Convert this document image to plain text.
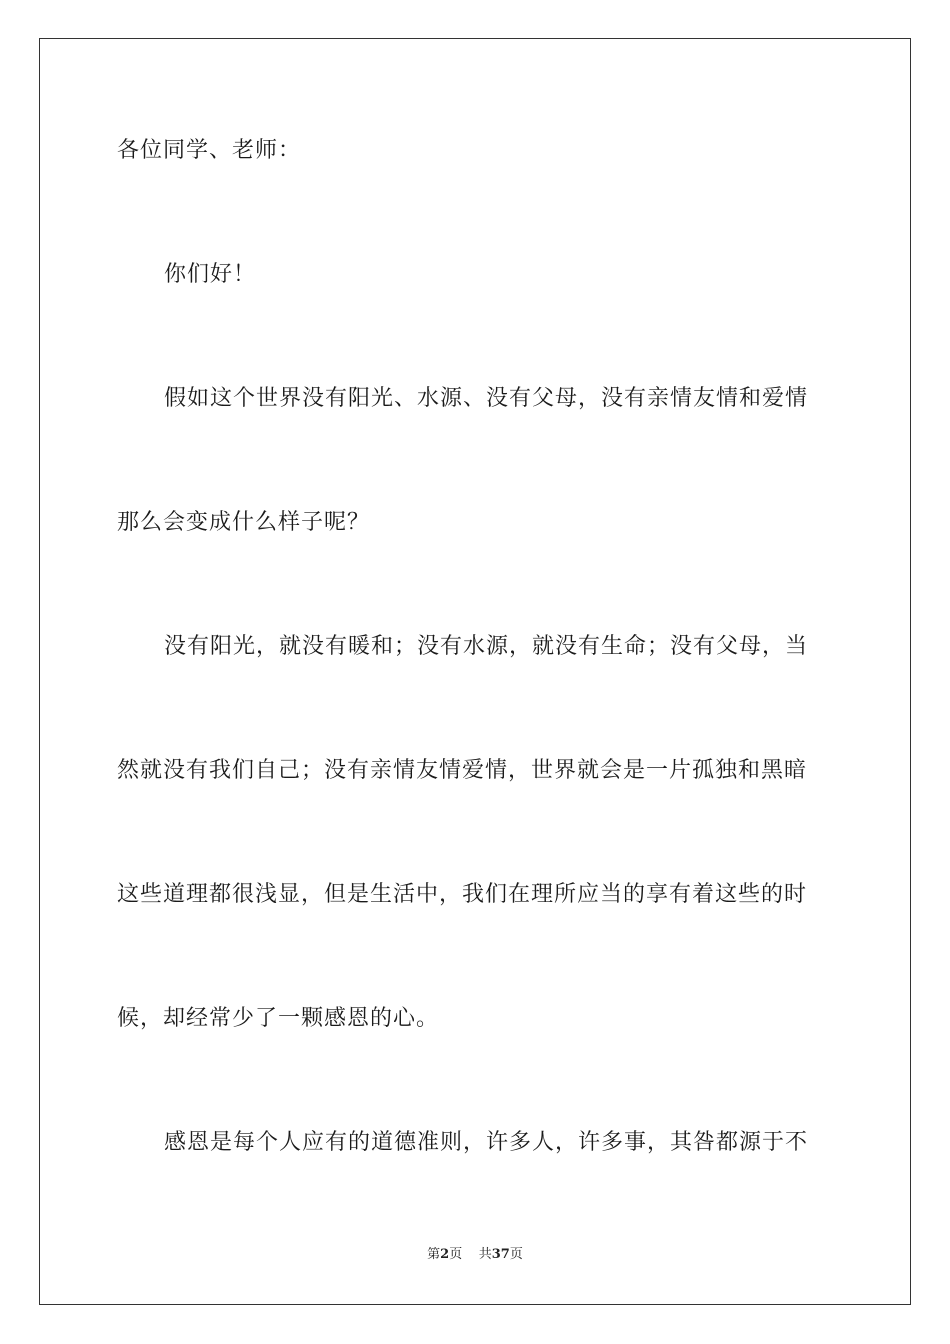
各位同学、老师：
你们好！
假如这个世界没有阳光、水源、没有父母，没有亲情友情和爱情
那么会变成什么样子呢？
没有阳光，就没有暖和；没有水源，就没有生命；没有父母，当
然就没有我们自己；没有亲情友情爱情，世界就会是一片孤独和黑暗
这些道理都很浅显，但是生活中，我们在理所应当的享有着这些的时
候，却经常少了一颗感恩的心。
感恩是每个人应有的道德准则，许多人，许多事，其咎都源于不
第2页 共37页
